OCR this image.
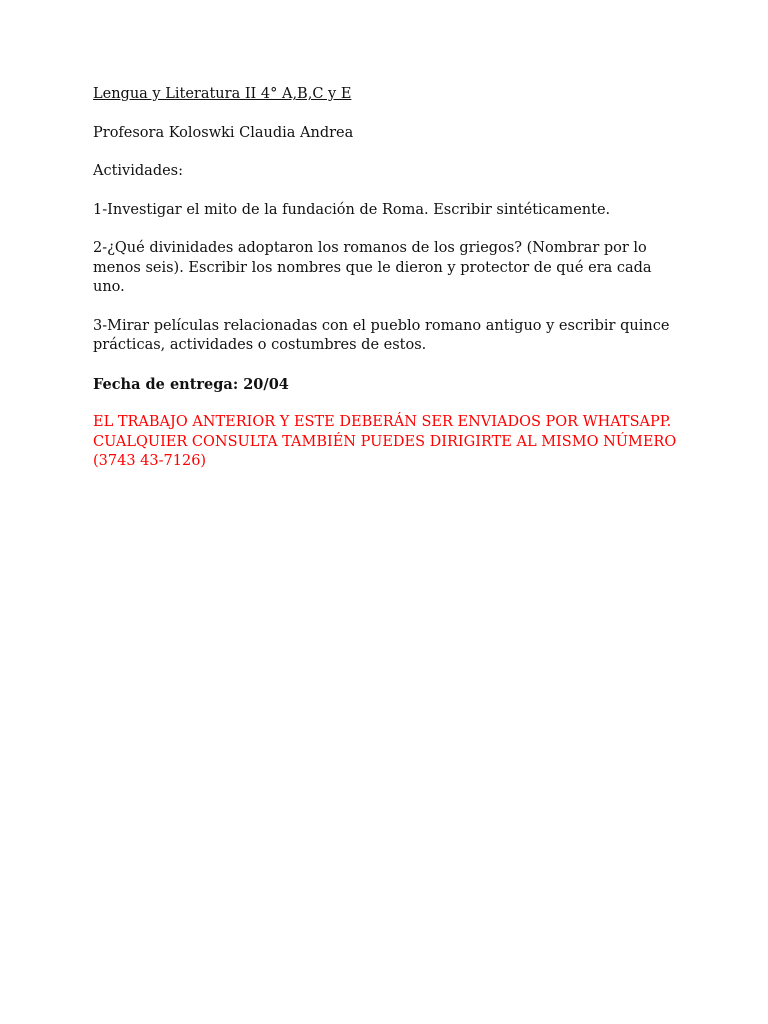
Lengua y Literatura II 4° A,B,C y E

Profesora Koloswki Claudia Andrea

Actividades:

1-Investigar el mito de la fundación de Roma. Escribir sintéticamente.

2-¿Qué divinidades adoptaron los romanos de los griegos? (Nombrar por lo menos seis). Escribir los nombres que le dieron y protector de qué era cada uno.

3-Mirar películas relacionadas con el pueblo romano antiguo y escribir quince prácticas, actividades o costumbres de estos.

Fecha de entrega: 20/04

EL TRABAJO ANTERIOR Y ESTE DEBERÁN SER ENVIADOS POR WHATSAPP. CUALQUIER CONSULTA TAMBIÉN PUEDES DIRIGIRTE AL MISMO NÚMERO (3743 43-7126)
